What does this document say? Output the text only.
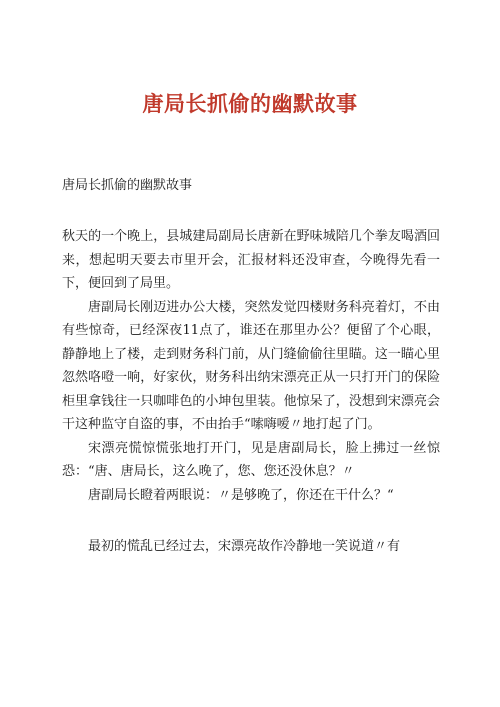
唐局长抓偷的幽默故事

唐局长抓偷的幽默故事

秋天的一个晚上，县城建局副局长唐新在野味城陪几个拳友喝酒回来，想起明天要去市里开会，汇报材料还没审查，今晚得先看一下，便回到了局里。

唐副局长刚迈进办公大楼，突然发觉四楼财务科亮着灯，不由有些惊奇，已经深夜11点了，谁还在那里办公？便留了个心眼，静静地上了楼，走到财务科门前，从门缝偷偷往里瞄。这一瞄心里忽然咯噔一响，好家伙，财务科出纳宋漂亮正从一只打开门的保险柜里拿钱往一只咖啡色的小坤包里装。他惊呆了，没想到宋漂亮会干这种监守自盗的事，不由抬手“嗦嗨嗳〃地打起了门。

宋漂亮慌惊慌张地打开门，见是唐副局长，脸上拂过一丝惊恐：“唐、唐局长，这么晚了，您、您还没休息？〃

唐副局长瞪着两眼说：〃是够晚了，你还在干什么？“

最初的慌乱已经过去，宋漂亮故作冷静地一笑说道〃有
